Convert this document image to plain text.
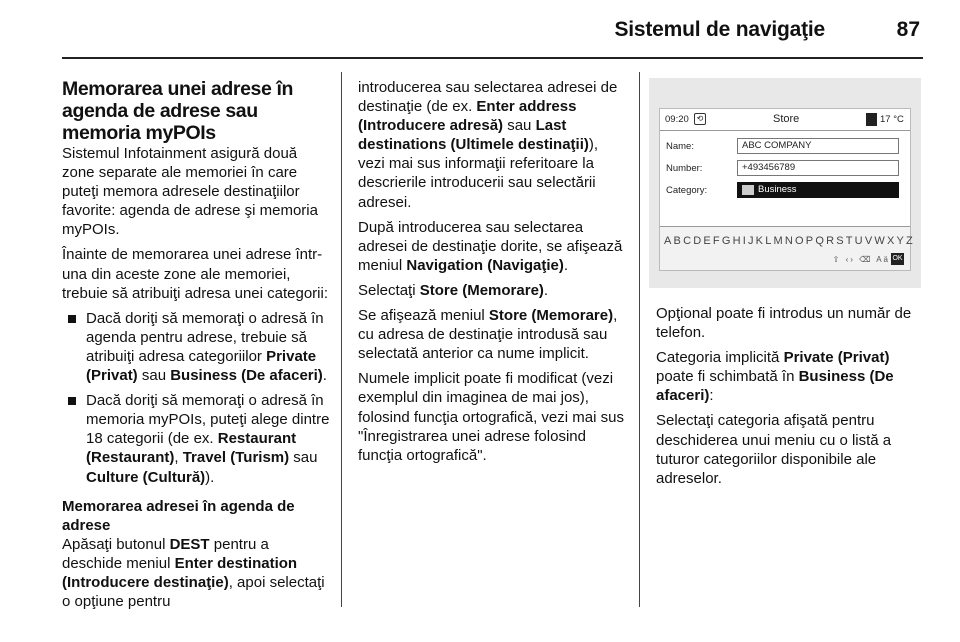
Sistemul de navigaţie	87
Memorarea unei adrese în agenda de adrese sau memoria myPOIs

Sistemul Infotainment asigură două zone separate ale memoriei în care puteţi memora adresele destinaţiilor favorite: agenda de adrese şi memoria myPOIs.

Înainte de memorarea unei adrese într-una din aceste zone ale memoriei, trebuie să atribuiţi adresa unei categorii:

Dacă doriţi să memoraţi o adresă în agenda pentru adrese, trebuie să atribuiţi adresa categoriilor Private (Privat) sau Business (De afaceri).
Dacă doriţi să memoraţi o adresă în memoria myPOIs, puteţi alege dintre 18 categorii (de ex. Restaurant (Restaurant), Travel (Turism) sau Culture (Cultură)).
Memorarea adresei în agenda de adrese

Apăsaţi butonul DEST pentru a deschide meniul Enter destination (Introducere destinaţie), apoi selectaţi o opţiune pentru

introducerea sau selectarea adresei de destinaţie (de ex. Enter address (Introducere adresă) sau Last destinations (Ultimele destinaţii)), vezi mai sus informaţii referitoare la descrierile introducerii sau selectării adresei.

După introducerea sau selectarea adresei de destinaţie dorite, se afişează meniul Navigation (Navigaţie).

Selectaţi Store (Memorare).

Se afişează meniul Store (Memorare), cu adresa de destinaţie introdusă sau selectată anterior ca nume implicit.

Numele implicit poate fi modificat (vezi exemplul din imaginea de mai jos), folosind funcţia ortografică, vezi mai sus "Înregistrarea unei adrese folosind funcţia ortografică".

09:20 ⟲	Store	17 °C
Name:	ABC COMPANY
Number:	+493456789
Category:	Business
ABCDEFGHIJKLMNOPQRSTUVWXYZ
⇧ ‹› ⌫ Aä OK

Opţional poate fi introdus un număr de telefon.

Categoria implicită Private (Privat) poate fi schimbată în Business (De afaceri):

Selectaţi categoria afişată pentru deschiderea unui meniu cu o listă a tuturor categoriilor disponibile ale adreselor.
